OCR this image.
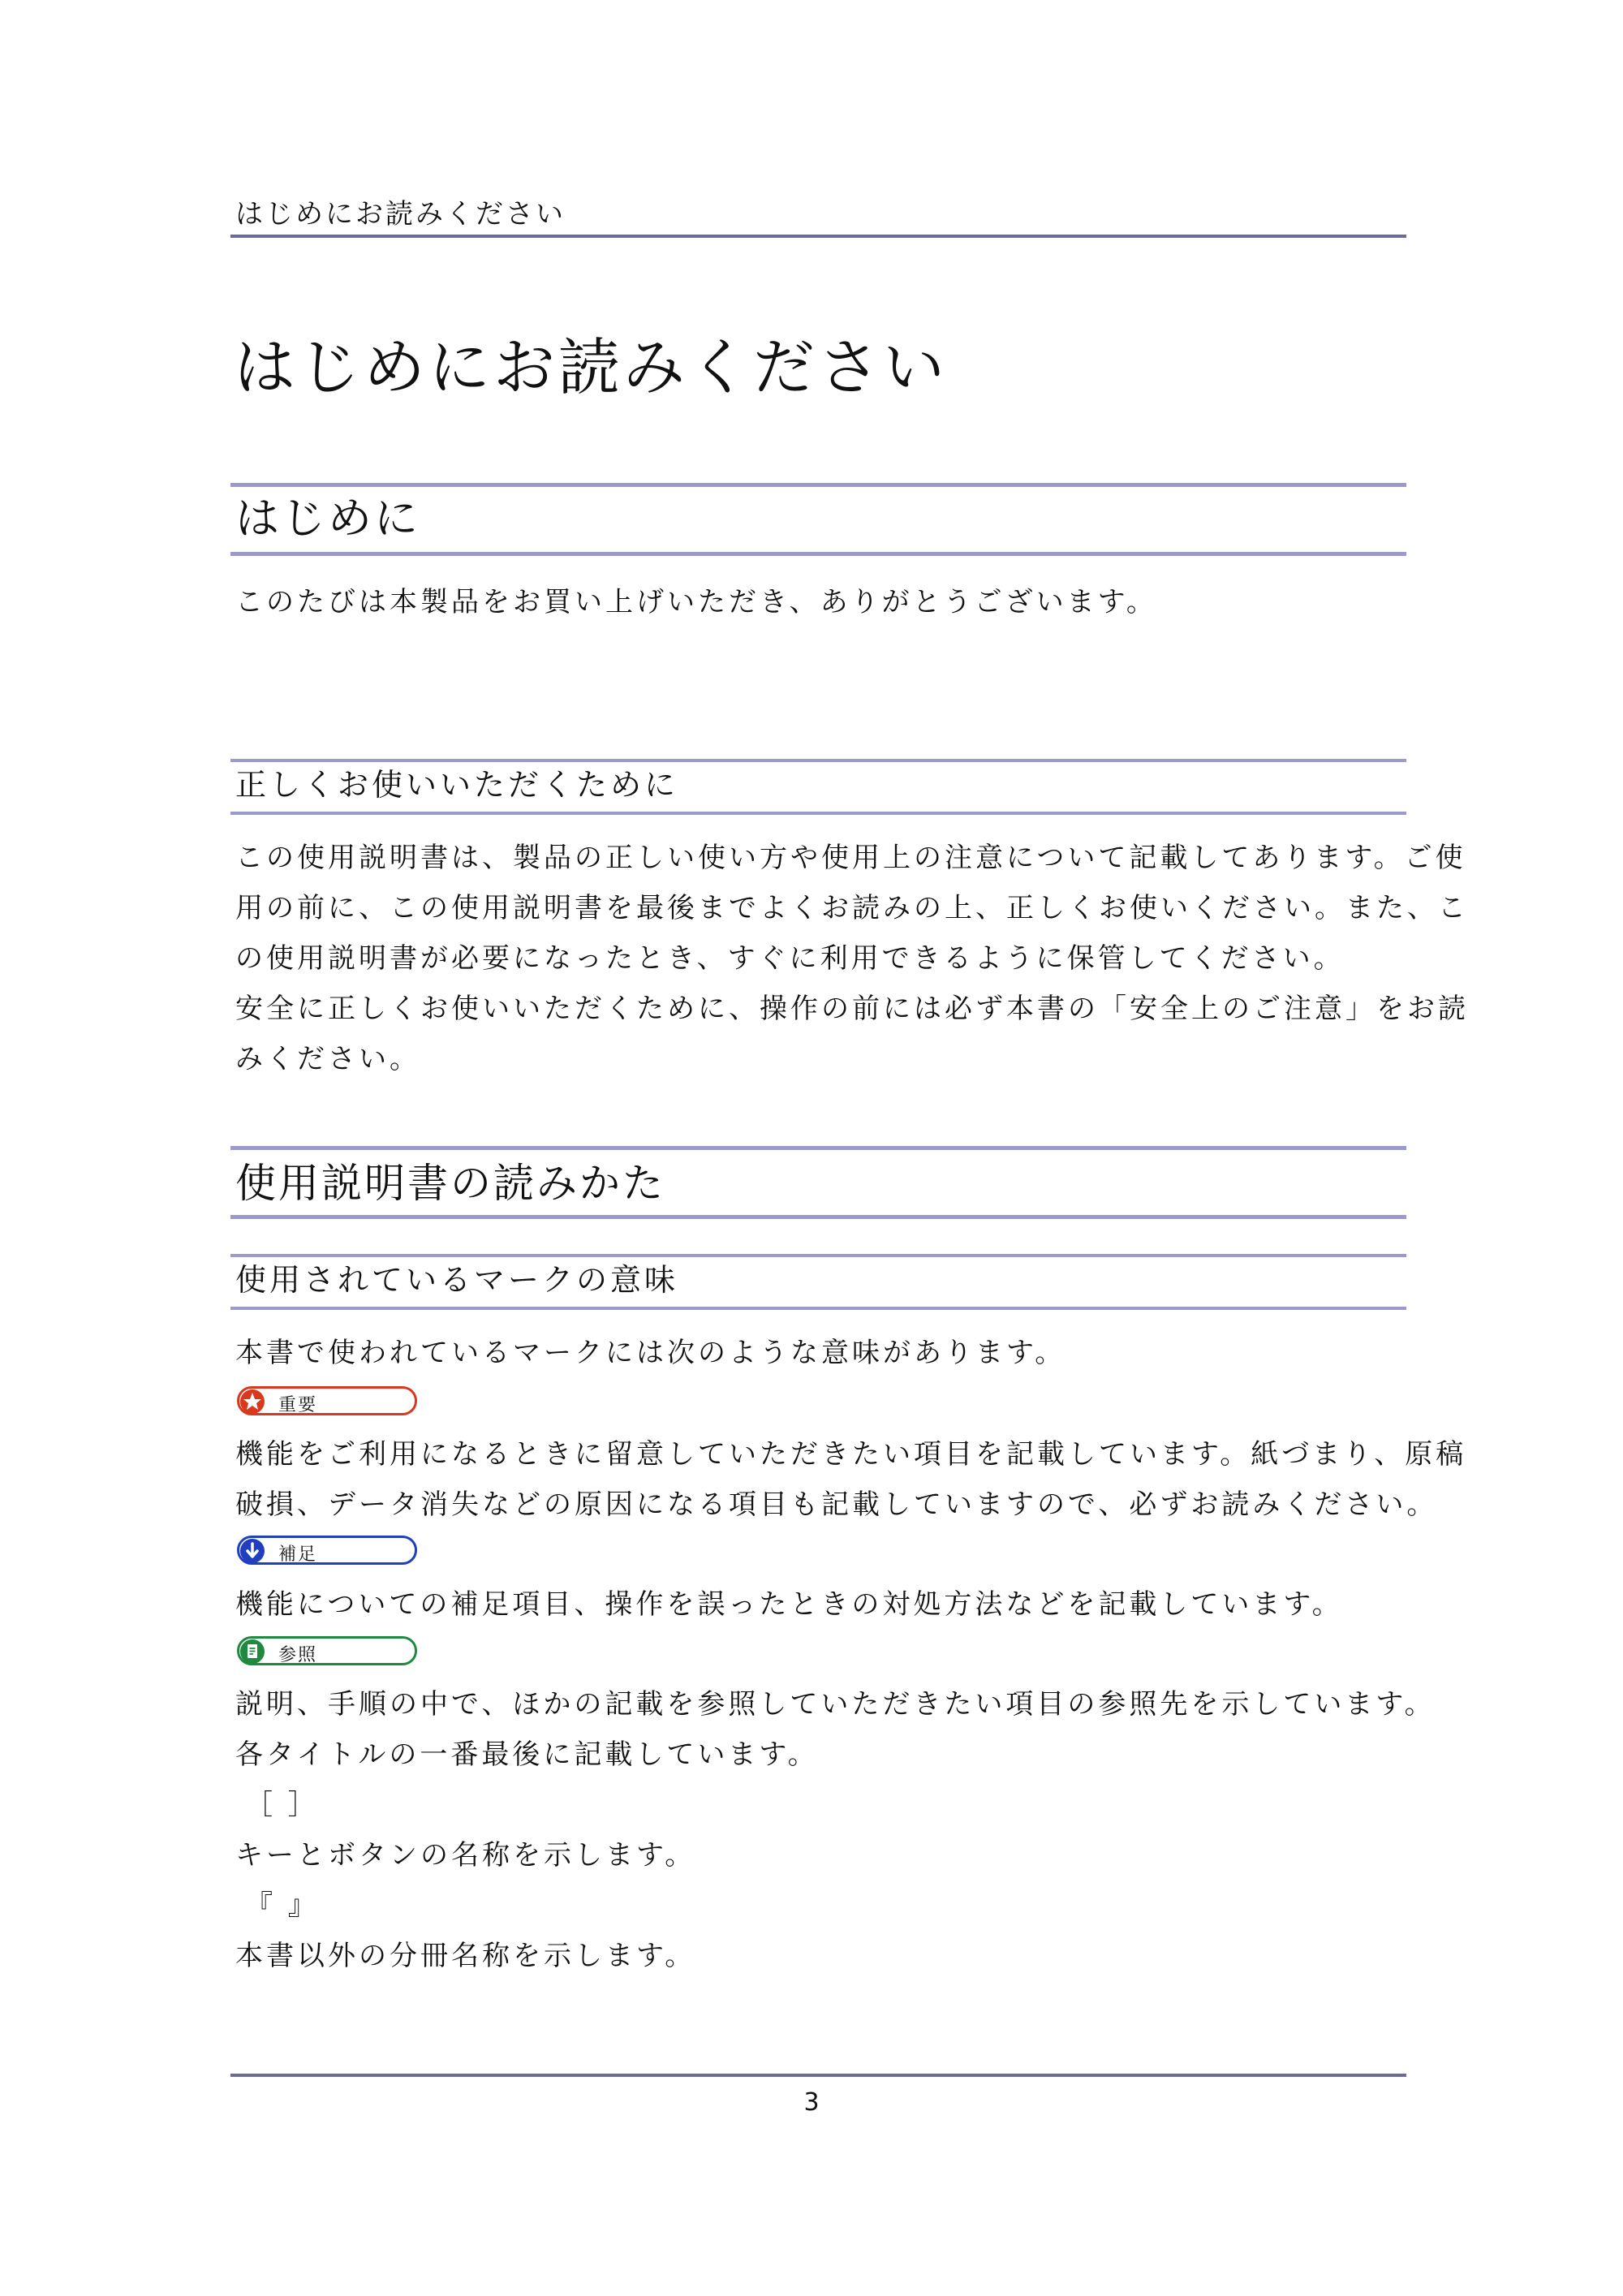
はじめにお読みください
はじめにお読みください
はじめに
このたびは本製品をお買い上げいただき、ありがとうございます。
正しくお使いいただくために
この使用説明書は、製品の正しい使い方や使用上の注意について記載してあります。ご使
用の前に、この使用説明書を最後までよくお読みの上、正しくお使いください。また、こ
の使用説明書が必要になったとき、すぐに利用できるように保管してください。
安全に正しくお使いいただくために、操作の前には必ず本書の「安全上のご注意」をお読
みください。
使用説明書の読みかた
使用されているマークの意味
本書で使われているマークには次のような意味があります。
重要
機能をご利用になるときに留意していただきたい項目を記載しています。紙づまり、原稿
破損、データ消失などの原因になる項目も記載していますので、必ずお読みください。
補足
機能についての補足項目、操作を誤ったときの対処方法などを記載しています。
参照
説明、手順の中で、ほかの記載を参照していただきたい項目の参照先を示しています。
各タイトルの一番最後に記載しています。
［ ］
キーとボタンの名称を示します。
『 』
本書以外の分冊名称を示します。
3
